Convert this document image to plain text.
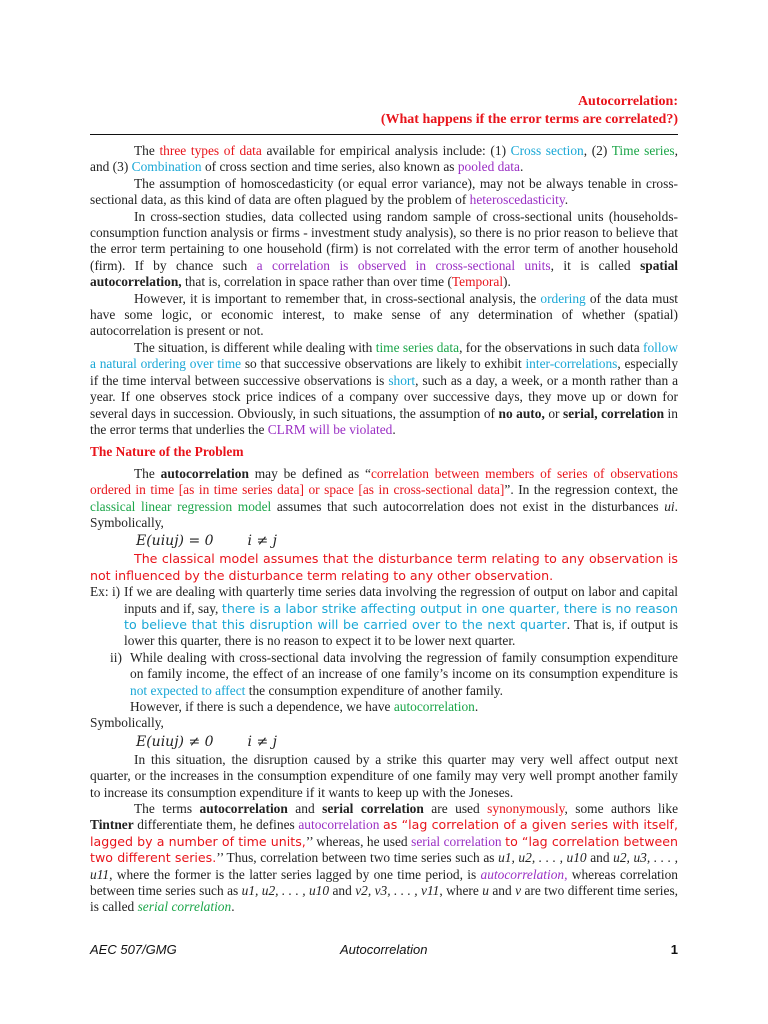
Autocorrelation:
(What happens if the error terms are correlated?)

The three types of data available for empirical analysis include: (1) Cross section, (2) Time series, and (3) Combination of cross section and time series, also known as pooled data.

The assumption of homoscedasticity (or equal error variance), may not be always tenable in cross-sectional data, as this kind of data are often plagued by the problem of heteroscedasticity.

In cross-section studies, data collected using random sample of cross-sectional units (households-consumption function analysis or firms - investment study analysis), so there is no prior reason to believe that the error term pertaining to one household (firm) is not correlated with the error term of another household (firm). If by chance such a correlation is observed in cross-sectional units, it is called spatial autocorrelation, that is, correlation in space rather than over time (Temporal).

However, it is important to remember that, in cross-sectional analysis, the ordering of the data must have some logic, or economic interest, to make sense of any determination of whether (spatial) autocorrelation is present or not.

The situation, is different while dealing with time series data, for the observations in such data follow a natural ordering over time so that successive observations are likely to exhibit inter-correlations, especially if the time interval between successive observations is short, such as a day, a week, or a month rather than a year. If one observes stock price indices of a company over successive days, they move up or down for several days in succession. Obviously, in such situations, the assumption of no auto, or serial, correlation in the error terms that underlies the CLRM will be violated.

The Nature of the Problem

The autocorrelation may be defined as “correlation between members of series of observations ordered in time [as in time series data] or space [as in cross-sectional data]”. In the regression context, the classical linear regression model assumes that such autocorrelation does not exist in the disturbances ui. Symbolically,

E(uiuj) = 0 i ≠ j

The classical model assumes that the disturbance term relating to any observation is not influenced by the disturbance term relating to any other observation.

Ex: i) If we are dealing with quarterly time series data involving the regression of output on labor and capital inputs and if, say, there is a labor strike affecting output in one quarter, there is no reason to believe that this disruption will be carried over to the next quarter. That is, if output is lower this quarter, there is no reason to expect it to be lower next quarter.
ii) While dealing with cross-sectional data involving the regression of family consumption expenditure on family income, the effect of an increase of one family’s income on its consumption expenditure is not expected to affect the consumption expenditure of another family.

However, if there is such a dependence, we have autocorrelation.

Symbolically,

E(uiuj) ≠ 0 i ≠ j

In this situation, the disruption caused by a strike this quarter may very well affect output next quarter, or the increases in the consumption expenditure of one family may very well prompt another family to increase its consumption expenditure if it wants to keep up with the Joneses.

The terms autocorrelation and serial correlation are used synonymously, some authors like Tintner differentiate them, he defines autocorrelation as “lag correlation of a given series with itself, lagged by a number of time units,’’ whereas, he used serial correlation to “lag correlation between two different series.’’ Thus, correlation between two time series such as u1, u2, . . . , u10 and u2, u3, . . . , u11, where the former is the latter series lagged by one time period, is autocorrelation, whereas correlation between time series such as u1, u2, . . . , u10 and v2, v3, . . . , v11, where u and v are two different time series, is called serial correlation.

AEC 507/GMG	Autocorrelation	1
